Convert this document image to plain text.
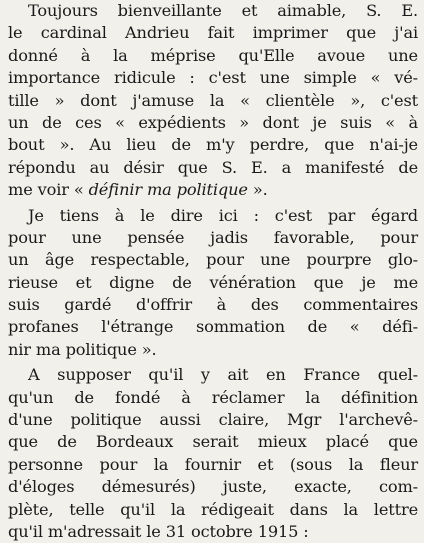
Toujours bienveillante et aimable, S. E.
le cardinal Andrieu fait imprimer que j'ai
donné à la méprise qu'Elle avoue une
importance ridicule : c'est une simple « vé-
tille » dont j'amuse la « clientèle », c'est
un de ces « expédients » dont je suis « à
bout ». Au lieu de m'y perdre, que n'ai-je
répondu au désir que S. E. a manifesté de
me voir « définir ma politique ».
Je tiens à le dire ici : c'est par égard
pour une pensée jadis favorable, pour
un âge respectable, pour une pourpre glo-
rieuse et digne de vénération que je me
suis gardé d'offrir à des commentaires
profanes l'étrange sommation de « défi-
nir ma politique ».
A supposer qu'il y ait en France quel-
qu'un de fondé à réclamer la définition
d'une politique aussi claire, Mgr l'archevê-
que de Bordeaux serait mieux placé que
personne pour la fournir et (sous la fleur
d'éloges démesurés) juste, exacte, com-
plète, telle qu'il la rédigeait dans la lettre
qu'il m'adressait le 31 octobre 1915 :
